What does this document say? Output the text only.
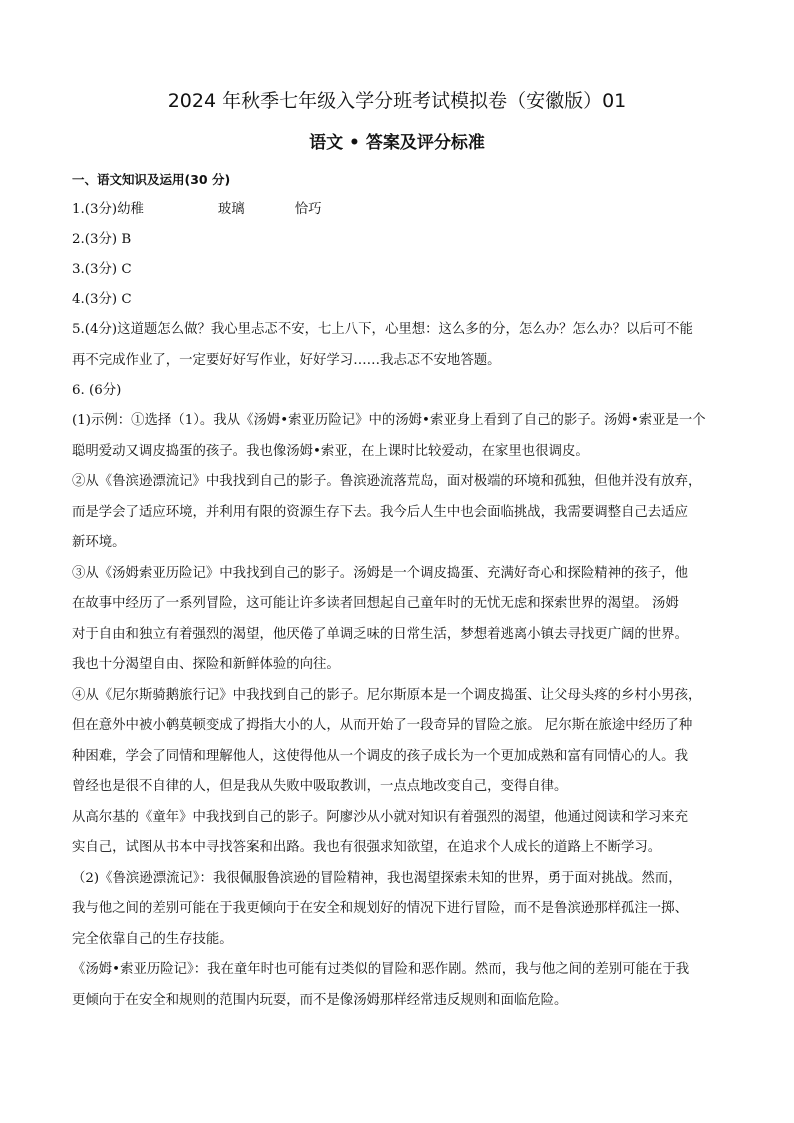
2024 年秋季七年级入学分班考试模拟卷（安徽版）01
语文 • 答案及评分标准
一、语文知识及运用(30 分)
1.(3分)幼稚	玻璃	恰巧
2.(3分) B
3.(3分) C
4.(3分) C
5.(4分)这道题怎么做？我心里忐忑不安，七上八下，心里想：这么多的分，怎么办？怎么办？以后可不能
再不完成作业了，一定要好好写作业，好好学习……我忐忑不安地答题。
6. (6分)
(1)示例：①选择（1）。我从《汤姆•索亚历险记》中的汤姆•索亚身上看到了自己的影子。汤姆•索亚是一个
聪明爱动又调皮捣蛋的孩子。我也像汤姆•索亚，在上课时比较爱动，在家里也很调皮。
②从《鲁滨逊漂流记》中我找到自己的影子。鲁滨逊流落荒岛，面对极端的环境和孤独，但他并没有放弃，
而是学会了适应环境，并利用有限的资源生存下去。我今后人生中也会面临挑战，我需要调整自己去适应
新环境。
③从《汤姆索亚历险记》中我找到自己的影子。汤姆是一个调皮捣蛋、充满好奇心和探险精神的孩子，他
在故事中经历了一系列冒险，这可能让许多读者回想起自己童年时的无忧无虑和探索世界的渴望。 汤姆
对于自由和独立有着强烈的渴望，他厌倦了单调乏味的日常生活，梦想着逃离小镇去寻找更广阔的世界。
我也十分渴望自由、探险和新鲜体验的向往。
④从《尼尔斯骑鹅旅行记》中我找到自己的影子。尼尔斯原本是一个调皮捣蛋、让父母头疼的乡村小男孩，
但在意外中被小鹌莫顿变成了拇指大小的人，从而开始了一段奇异的冒险之旅。 尼尔斯在旅途中经历了种
种困难，学会了同情和理解他人，这使得他从一个调皮的孩子成长为一个更加成熟和富有同情心的人。我
曾经也是很不自律的人，但是我从失败中吸取教训，一点点地改变自己，变得自律。
从高尔基的《童年》中我找到自己的影子。阿廖沙从小就对知识有着强烈的渴望，他通过阅读和学习来充
实自己，试图从书本中寻找答案和出路。我也有很强求知欲望，在追求个人成长的道路上不断学习。
（2)《鲁滨逊漂流记》：我很佩服鲁滨逊的冒险精神，我也渴望探索未知的世界，勇于面对挑战。然而，
我与他之间的差别可能在于我更倾向于在安全和规划好的情况下进行冒险，而不是鲁滨逊那样孤注一掷、
完全依靠自己的生存技能。
《汤姆•索亚历险记》：我在童年时也可能有过类似的冒险和恶作剧。然而，我与他之间的差别可能在于我
更倾向于在安全和规则的范围内玩耍，而不是像汤姆那样经常违反规则和面临危险。
